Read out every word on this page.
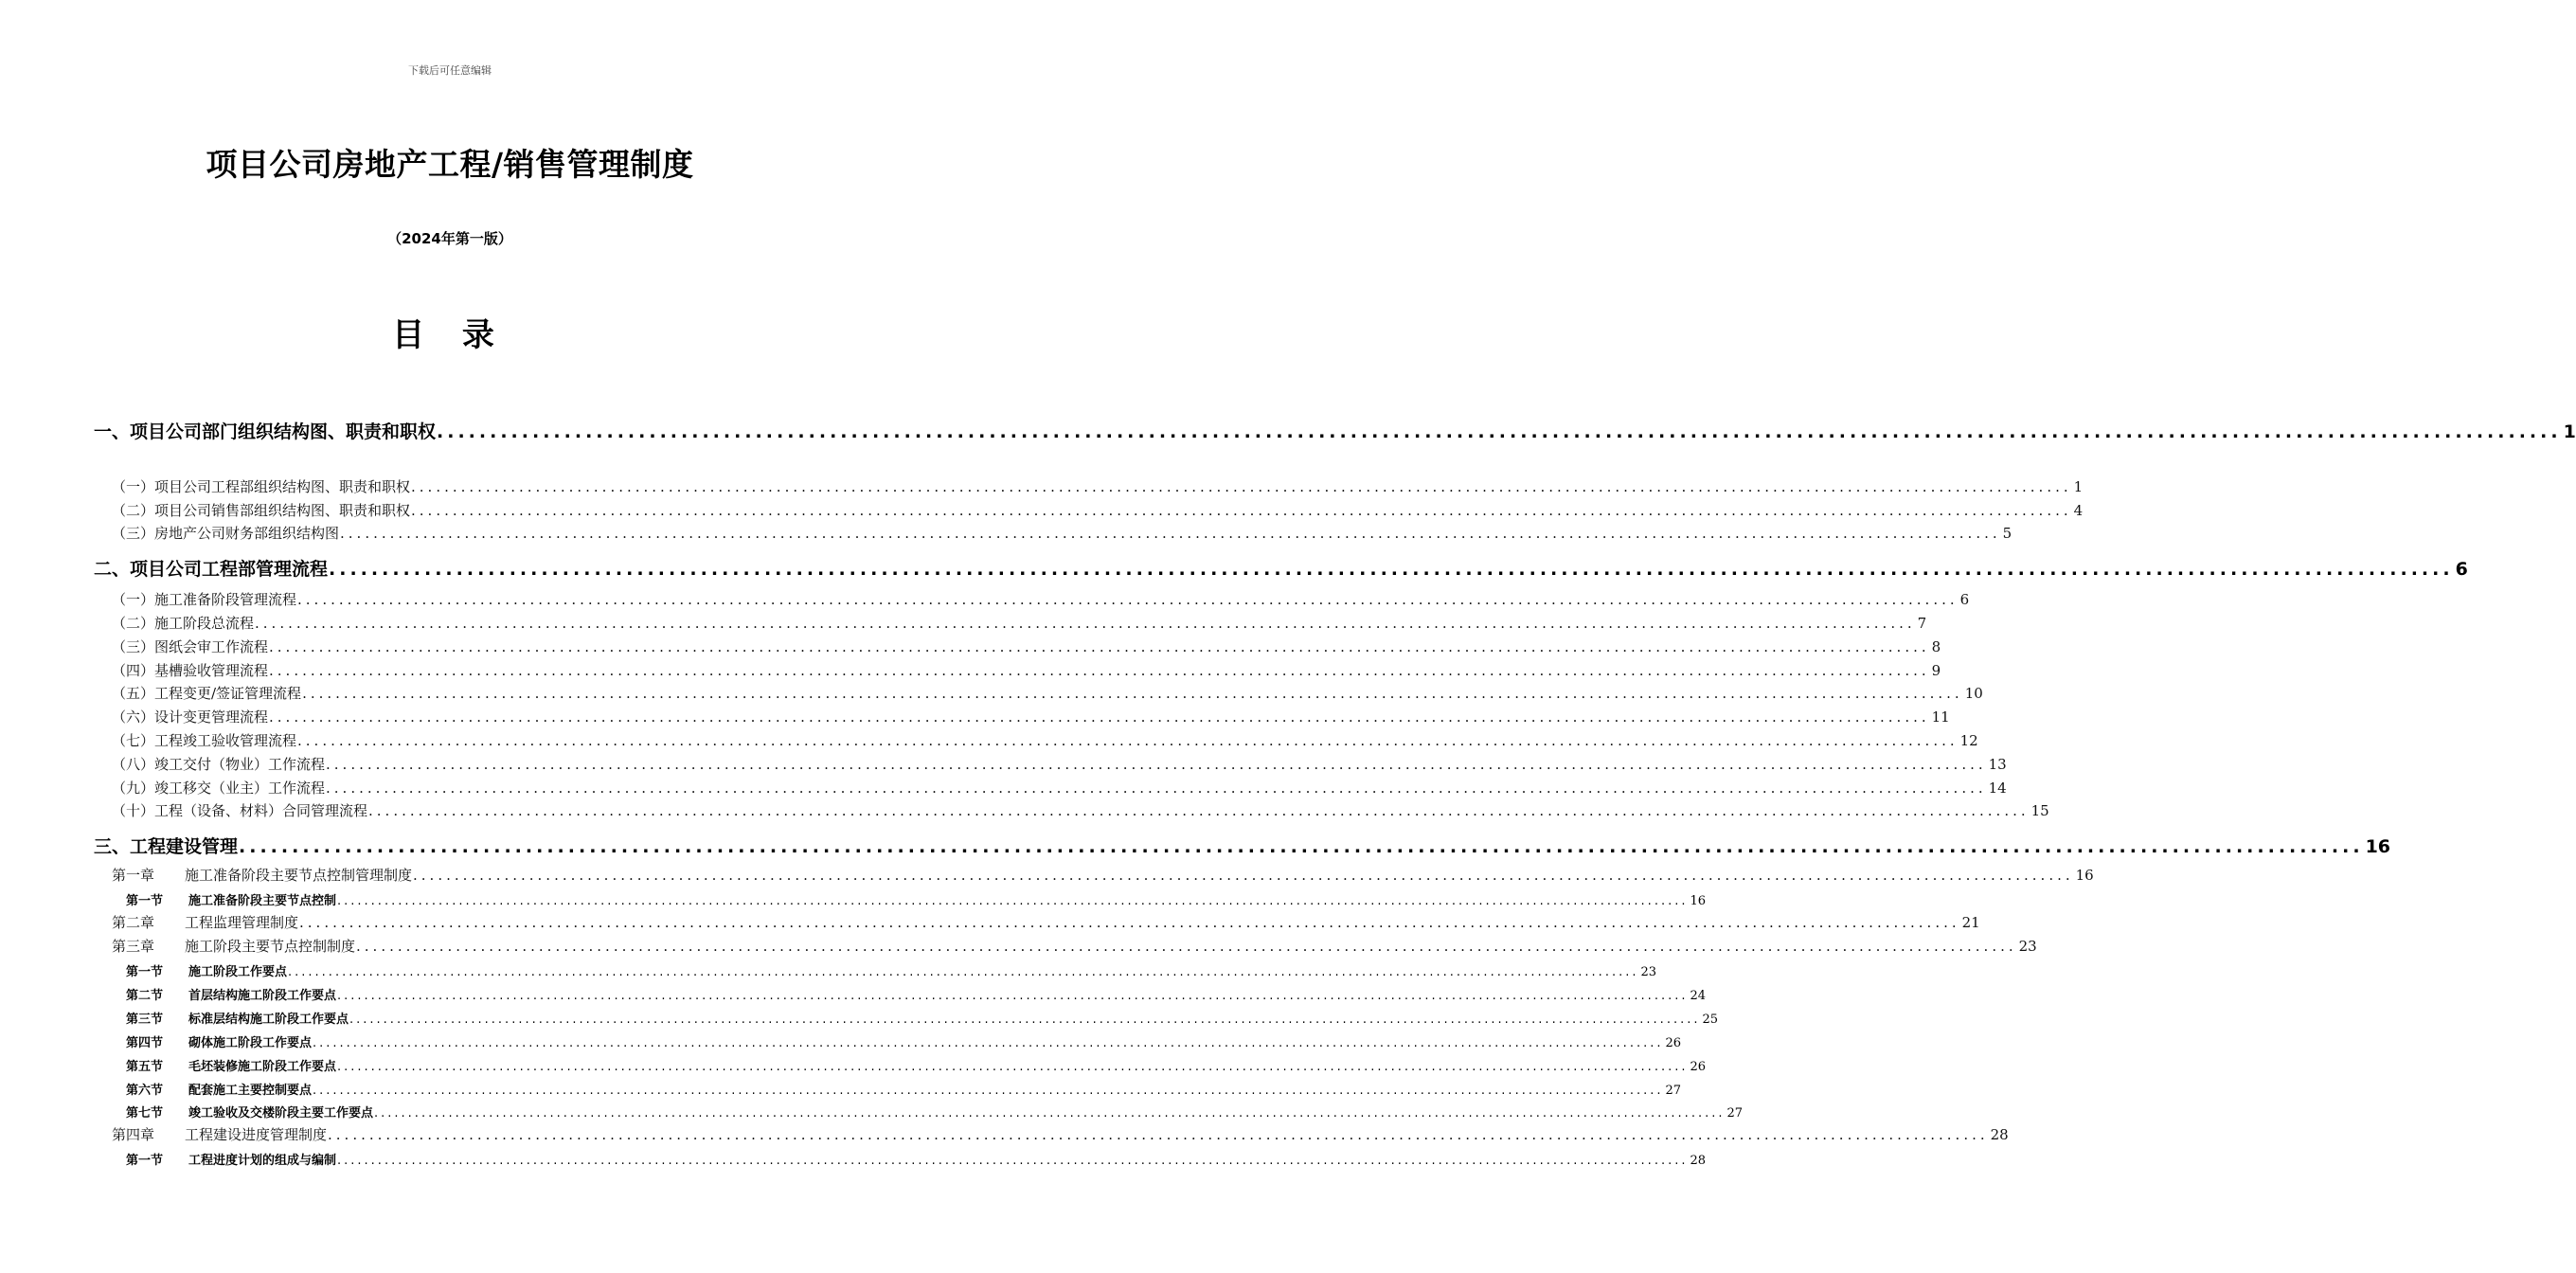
下载后可任意编辑
项目公司房地产工程/销售管理制度
（2024年第一版）
目 录
一、项目公司部门组织结构图、职责和职权 ........................................................................................................................................................................................................ 1
（一）项目公司工程部组织结构图、职责和职权 ........................................................................................................................................................................................................ 1
（二）项目公司销售部组织结构图、职责和职权 ........................................................................................................................................................................................................ 4
（三）房地产公司财务部组织结构图 ........................................................................................................................................................................................................ 5
二、项目公司工程部管理流程 ........................................................................................................................................................................................................ 6
（一）施工准备阶段管理流程 ........................................................................................................................................................................................................ 6
（二）施工阶段总流程 ........................................................................................................................................................................................................ 7
（三）图纸会审工作流程 ........................................................................................................................................................................................................ 8
（四）基槽验收管理流程 ........................................................................................................................................................................................................ 9
（五）工程变更/签证管理流程 ........................................................................................................................................................................................................ 10
（六）设计变更管理流程 ........................................................................................................................................................................................................ 11
（七）工程竣工验收管理流程 ........................................................................................................................................................................................................ 12
（八）竣工交付（物业）工作流程 ........................................................................................................................................................................................................ 13
（九）竣工移交（业主）工作流程 ........................................................................................................................................................................................................ 14
（十）工程（设备、材料）合同管理流程 ........................................................................................................................................................................................................ 15
三、工程建设管理 ........................................................................................................................................................................................................ 16
第一章 施工准备阶段主要节点控制管理制度 ........................................................................................................................................................................................................ 16
第一节 施工准备阶段主要节点控制 ........................................................................................................................................................................................................ 16
第二章 工程监理管理制度 ........................................................................................................................................................................................................ 21
第三章 施工阶段主要节点控制制度 ........................................................................................................................................................................................................ 23
第一节 施工阶段工作要点 ........................................................................................................................................................................................................ 23
第二节 首层结构施工阶段工作要点 ........................................................................................................................................................................................................ 24
第三节 标准层结构施工阶段工作要点 ........................................................................................................................................................................................................ 25
第四节 砌体施工阶段工作要点 ........................................................................................................................................................................................................ 26
第五节 毛坯装修施工阶段工作要点 ........................................................................................................................................................................................................ 26
第六节 配套施工主要控制要点 ........................................................................................................................................................................................................ 27
第七节 竣工验收及交楼阶段主要工作要点 ........................................................................................................................................................................................................ 27
第四章 工程建设进度管理制度 ........................................................................................................................................................................................................ 28
第一节 工程进度计划的组成与编制 ........................................................................................................................................................................................................ 28
